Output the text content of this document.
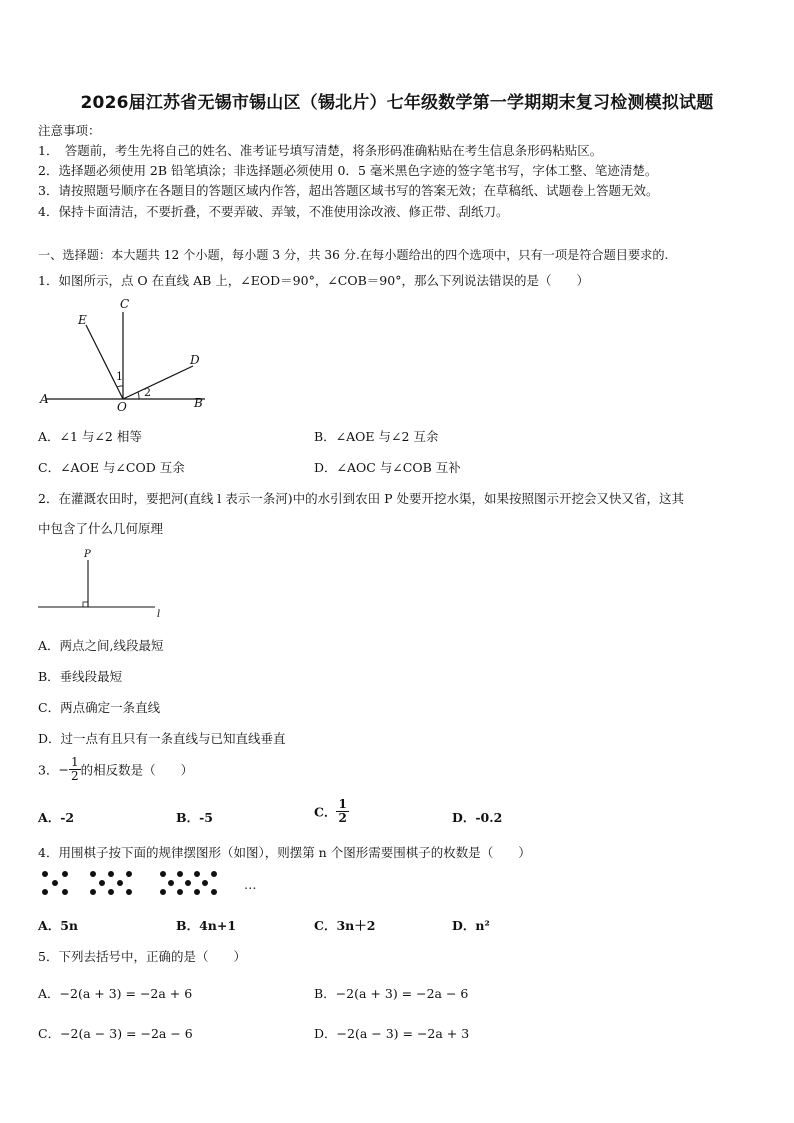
2026届江苏省无锡市锡山区（锡北片）七年级数学第一学期期末复习检测模拟试题
注意事项：
1．　答题前，考生先将自己的姓名、准考证号填写清楚，将条形码准确粘贴在考生信息条形码粘贴区。
2．选择题必须使用 2B 铅笔填涂；非选择题必须使用 0．5 毫米黑色字迹的签字笔书写，字体工整、笔迹清楚。
3．请按照题号顺序在各题目的答题区域内作答，超出答题区域书写的答案无效；在草稿纸、试题卷上答题无效。
4．保持卡面清洁，不要折叠，不要弄破、弄皱，不准使用涂改液、修正带、刮纸刀。
一、选择题：本大题共 12 个小题，每小题 3 分，共 36 分.在每小题给出的四个选项中，只有一项是符合题目要求的.
1．如图所示，点 O 在直线 AB 上，∠EOD＝90°，∠COB＝90°，那么下列说法错误的是（　　）
A	B
C
D
E
O
1
2
A．∠1 与∠2 相等	B．∠AOE 与∠2 互余
C．∠AOE 与∠COD 互余	D．∠AOC 与∠COB 互补
2．在灌溉农田时，要把河(直线 l 表示一条河)中的水引到农田 P 处要开挖水渠，如果按照图示开挖会又快又省，这其
中包含了什么几何原理
P
l
A．两点之间,线段最短
B．垂线段最短
C．两点确定一条直线
D．过一点有且只有一条直线与已知直线垂直
3．− $\frac{1}{2}$ 的相反数是（　　）
A．-2	B．-5	C． $\frac{1}{2}$	D．-0.2
4．用围棋子按下面的规律摆图形（如图），则摆第 n 个图形需要围棋子的枚数是（　　）
…
A．5n	B．4n+1	C．3n＋2	D．n²
5．下列去括号中，正确的是（　　）
A．−2(a + 3) = −2a + 6	B．−2(a + 3) = −2a − 6
C．−2(a − 3) = −2a − 6	D．−2(a − 3) = −2a + 3
